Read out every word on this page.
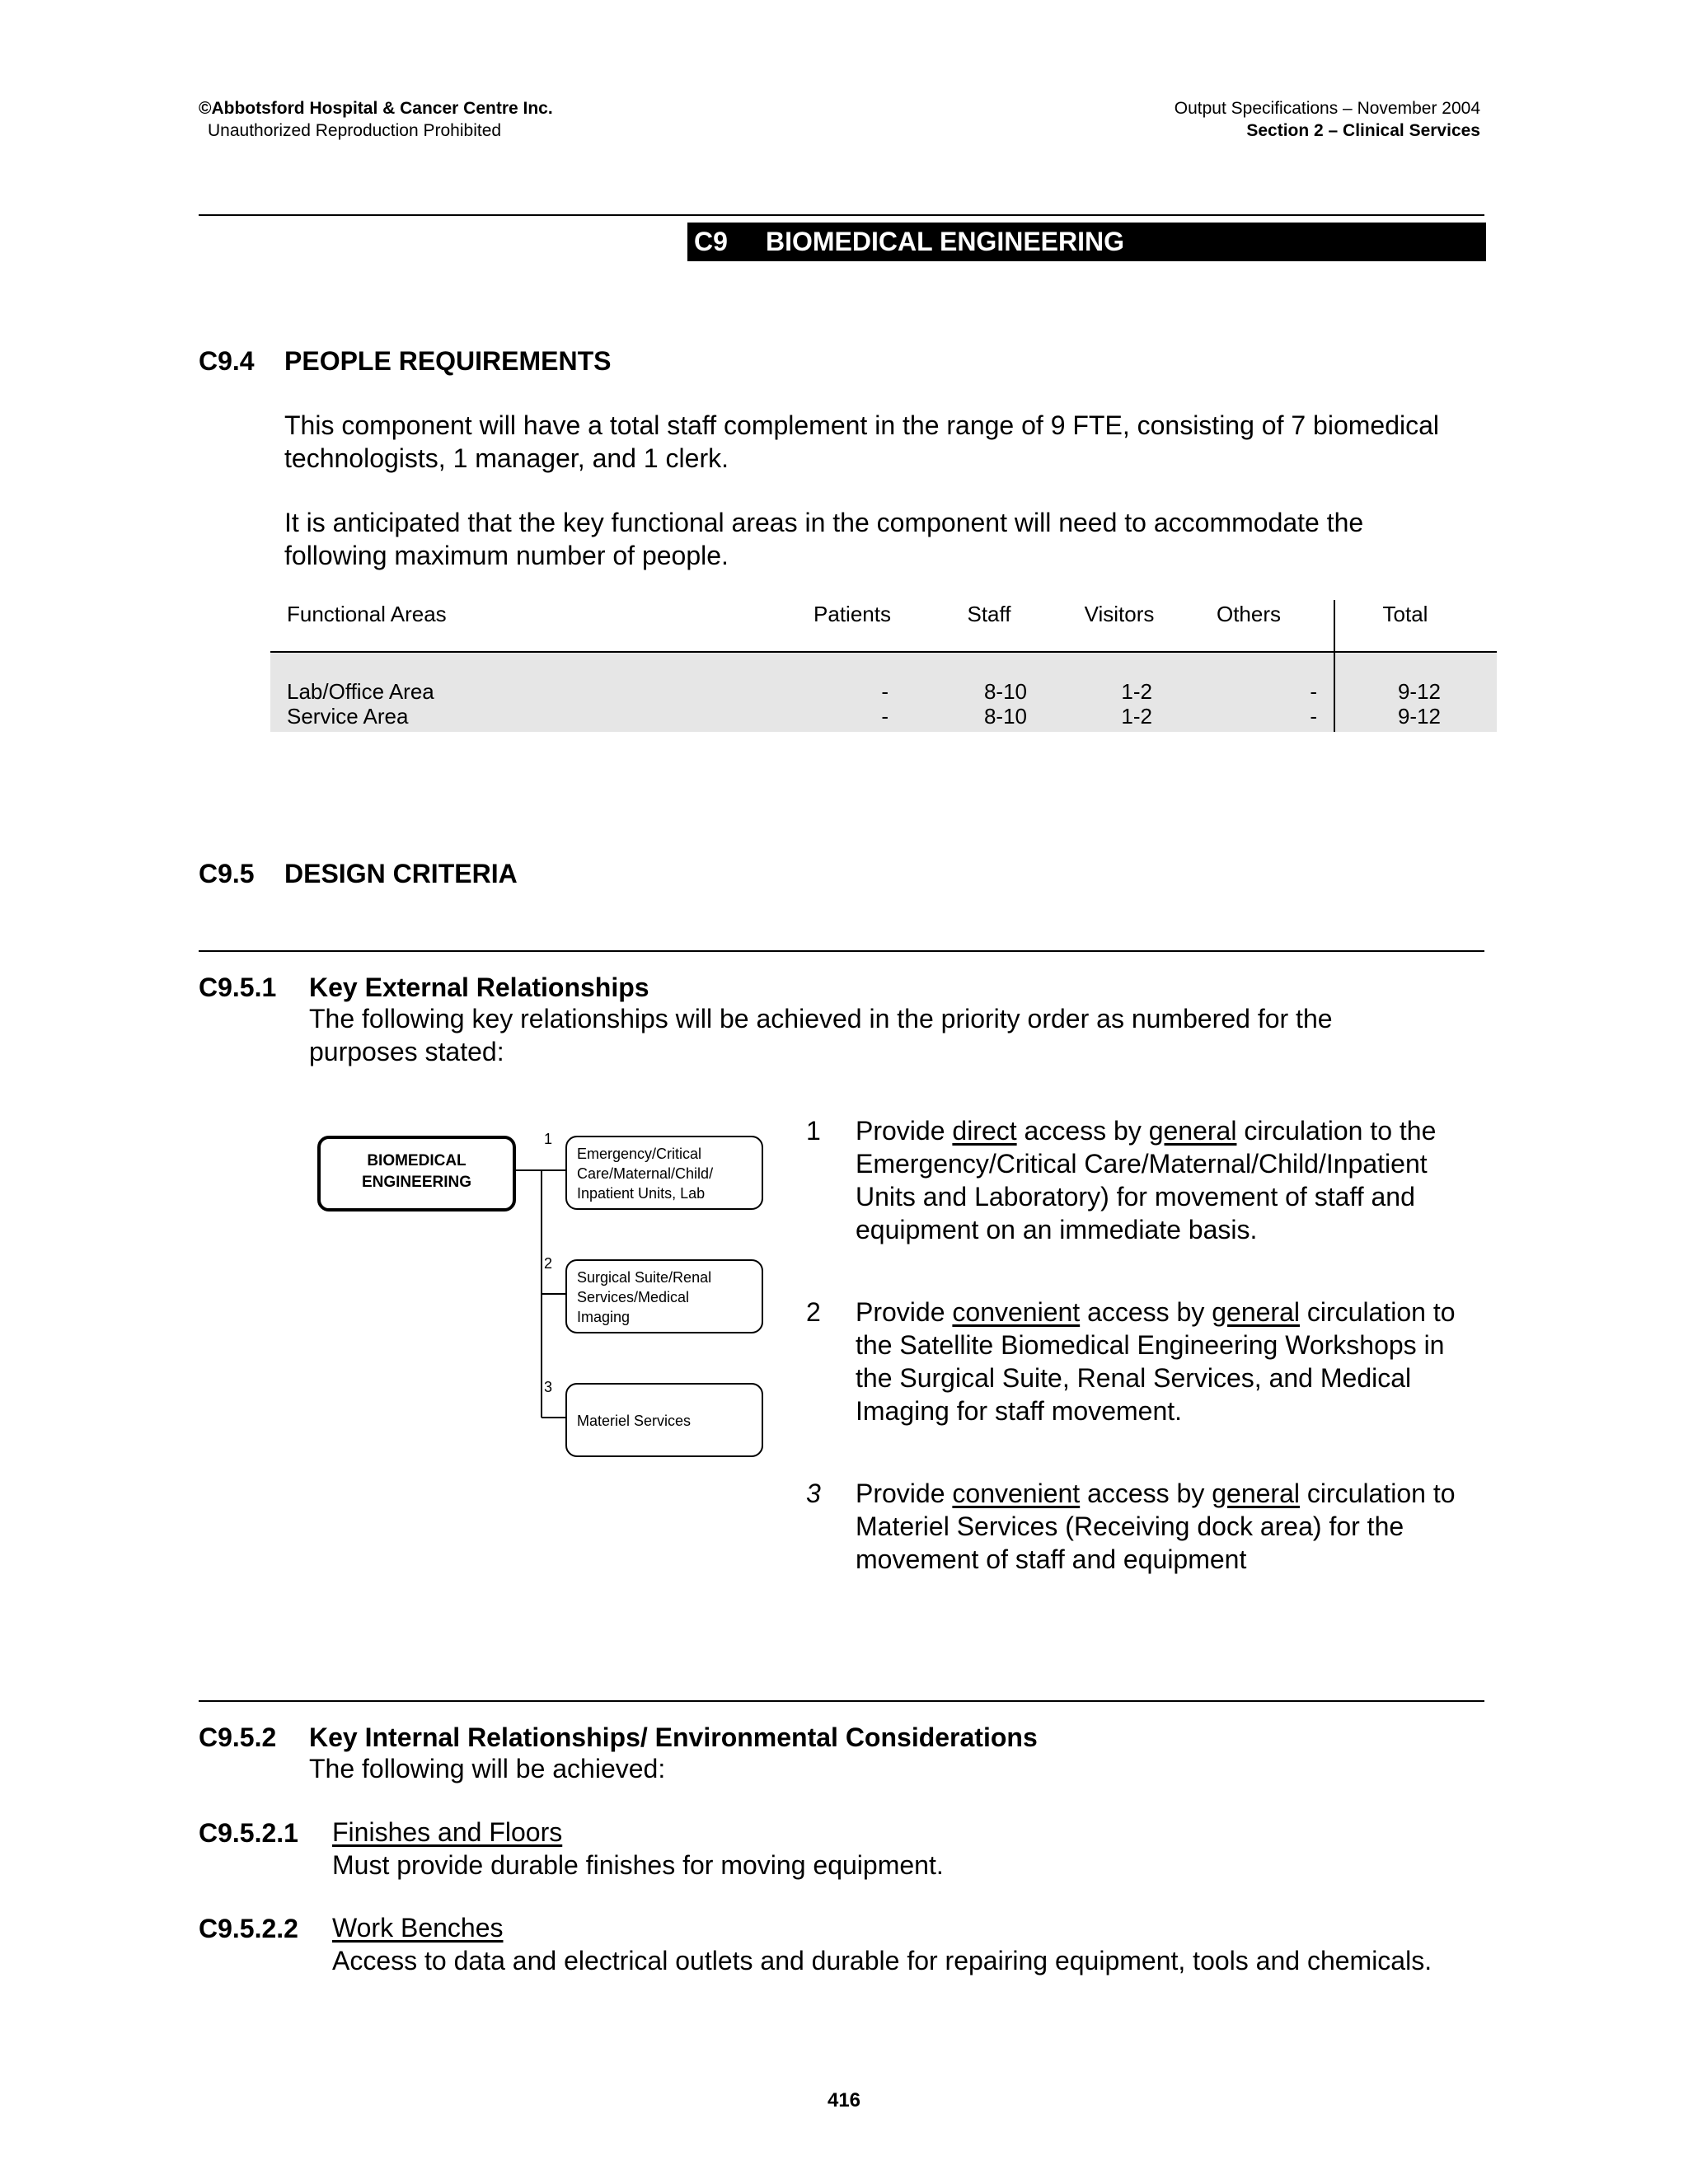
©Abbotsford Hospital & Cancer Centre Inc.
Unauthorized Reproduction Prohibited
Output Specifications – November 2004
Section 2 – Clinical Services
C9 BIOMEDICAL ENGINEERING
C9.4 PEOPLE REQUIREMENTS
This component will have a total staff complement in the range of 9 FTE, consisting of 7 biomedical
technologists, 1 manager, and 1 clerk.
It is anticipated that the key functional areas in the component will need to accommodate the
following maximum number of people.
Functional Areas	Patients	Staff	Visitors	Others	Total
Lab/Office Area	-	8-10	1-2	-	9-12
Service Area	-	8-10	1-2	-	9-12
C9.5 DESIGN CRITERIA
C9.5.1 Key External Relationships
The following key relationships will be achieved in the priority order as numbered for the
purposes stated:
BIOMEDICAL
ENGINEERING
1
Emergency/Critical
Care/Maternal/Child/
Inpatient Units, Lab
2
Surgical Suite/Renal
Services/Medical
Imaging
3
Materiel Services
1 Provide direct access by general circulation to the
Emergency/Critical Care/Maternal/Child/Inpatient
Units and Laboratory) for movement of staff and
equipment on an immediate basis.
2 Provide convenient access by general circulation to
the Satellite Biomedical Engineering Workshops in
the Surgical Suite, Renal Services, and Medical
Imaging for staff movement.
3 Provide convenient access by general circulation to
Materiel Services (Receiving dock area) for the
movement of staff and equipment
C9.5.2 Key Internal Relationships/ Environmental Considerations
The following will be achieved:
C9.5.2.1 Finishes and Floors
Must provide durable finishes for moving equipment.
C9.5.2.2 Work Benches
Access to data and electrical outlets and durable for repairing equipment, tools and chemicals.
416
